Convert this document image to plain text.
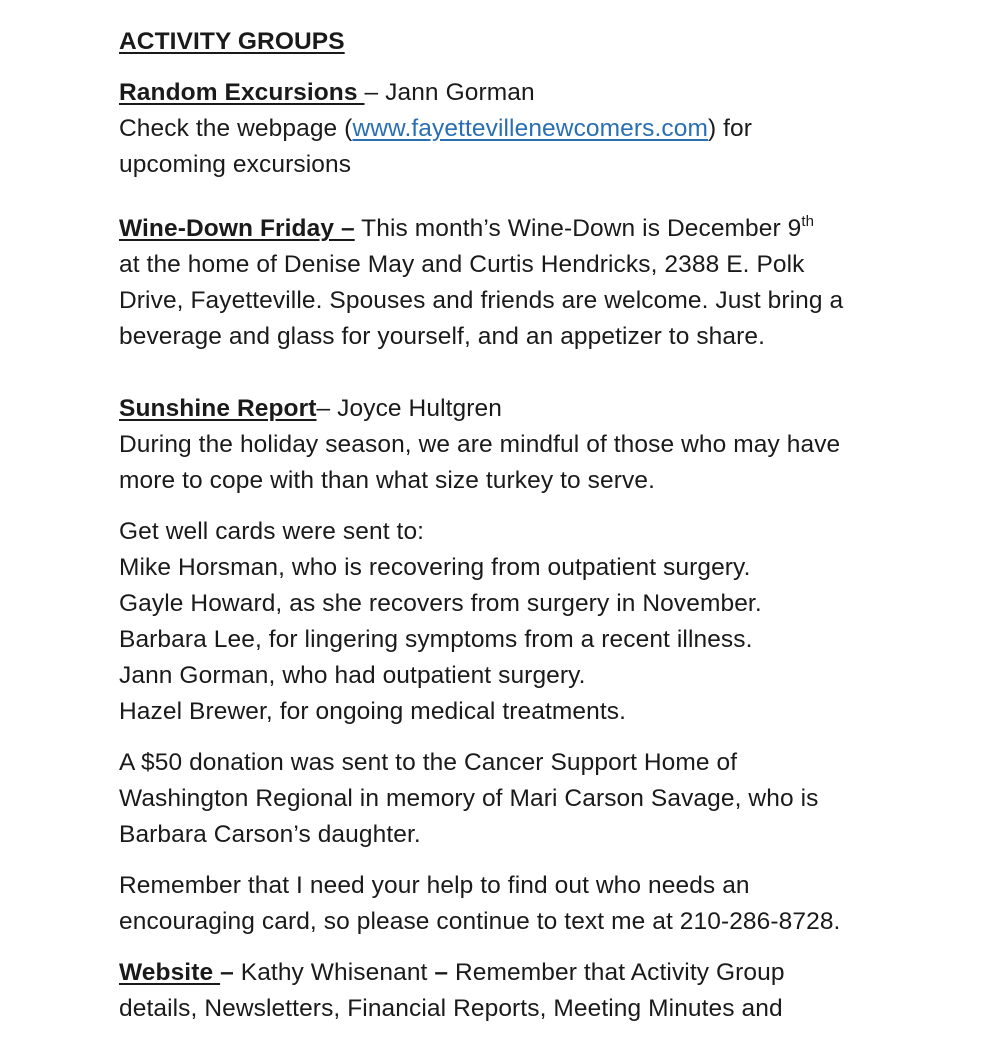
ACTIVITY GROUPS

Random Excursions – Jann Gorman

Check the webpage (www.fayettevillenewcomers.com) for

upcoming excursions

Wine-Down Friday – This month’s Wine-Down is December 9th

at the home of Denise May and Curtis Hendricks, 2388 E. Polk

Drive, Fayetteville. Spouses and friends are welcome. Just bring a

beverage and glass for yourself, and an appetizer to share.

Sunshine Report– Joyce Hultgren

During the holiday season, we are mindful of those who may have

more to cope with than what size turkey to serve.

Get well cards were sent to:

Mike Horsman, who is recovering from outpatient surgery.

Gayle Howard, as she recovers from surgery in November.

Barbara Lee, for lingering symptoms from a recent illness.

Jann Gorman, who had outpatient surgery.

Hazel Brewer, for ongoing medical treatments.

A $50 donation was sent to the Cancer Support Home of

Washington Regional in memory of Mari Carson Savage, who is

Barbara Carson’s daughter.

Remember that I need your help to find out who needs an

encouraging card, so please continue to text me at 210-286-8728.

Website – Kathy Whisenant – Remember that Activity Group

details, Newsletters, Financial Reports, Meeting Minutes and
